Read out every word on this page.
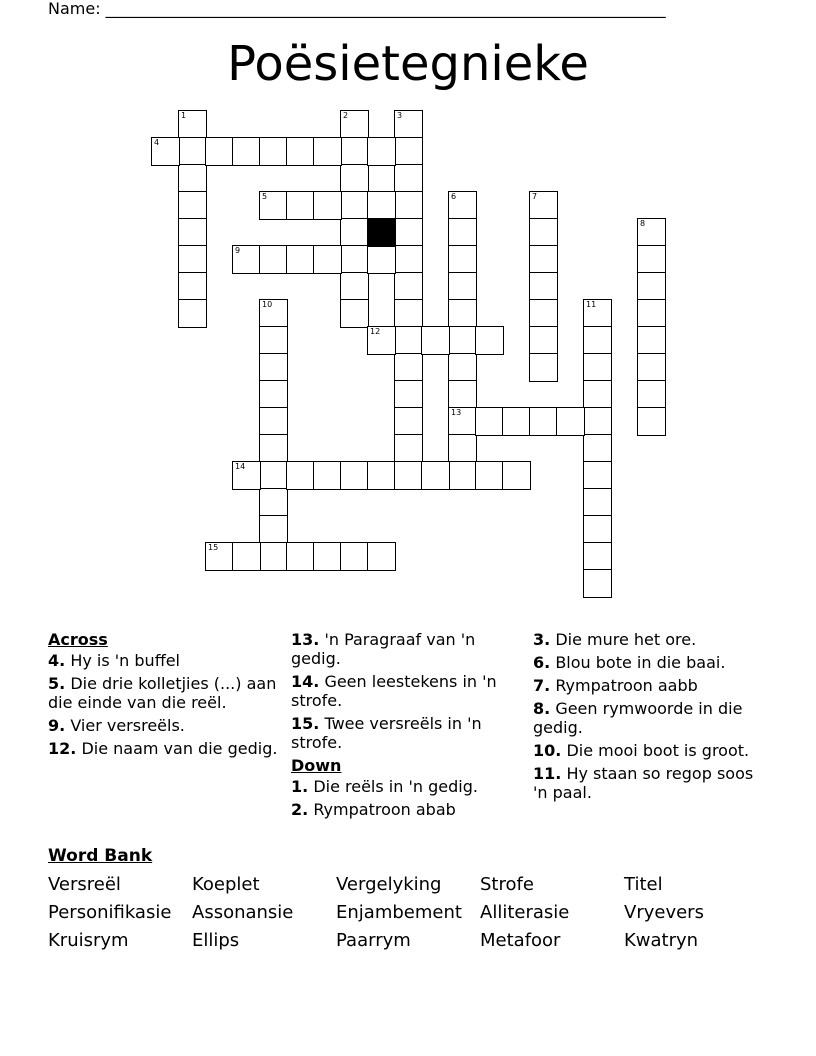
Name: ______________________________________________________________________
Poësietegnieke
1	2	3
4
5	6
13
7
8
9
10	11
12
14
15
Across
4. Hy is 'n buffel
5. Die drie kolletjies (...) aan die einde van die reël.
9. Vier versreëls.
12. Die naam van die gedig.
13. 'n Paragraaf van 'n gedig.
14. Geen leestekens in 'n strofe.
15. Twee versreëls in 'n strofe.
Down
1. Die reëls in 'n gedig.
2. Rympatroon abab
3. Die mure het ore.
6. Blou bote in die baai.
7. Rympatroon aabb
8. Geen rymwoorde in die gedig.
10. Die mooi boot is groot.
11. Hy staan so regop soos 'n paal.
Word Bank
Versreël	Koeplet	Vergelyking Strofe	Titel
Personifikasie Assonansie Enjambement Alliterasie	Vryevers
Kruisrym	Ellips	Paarrym	Metafoor	Kwatryn
